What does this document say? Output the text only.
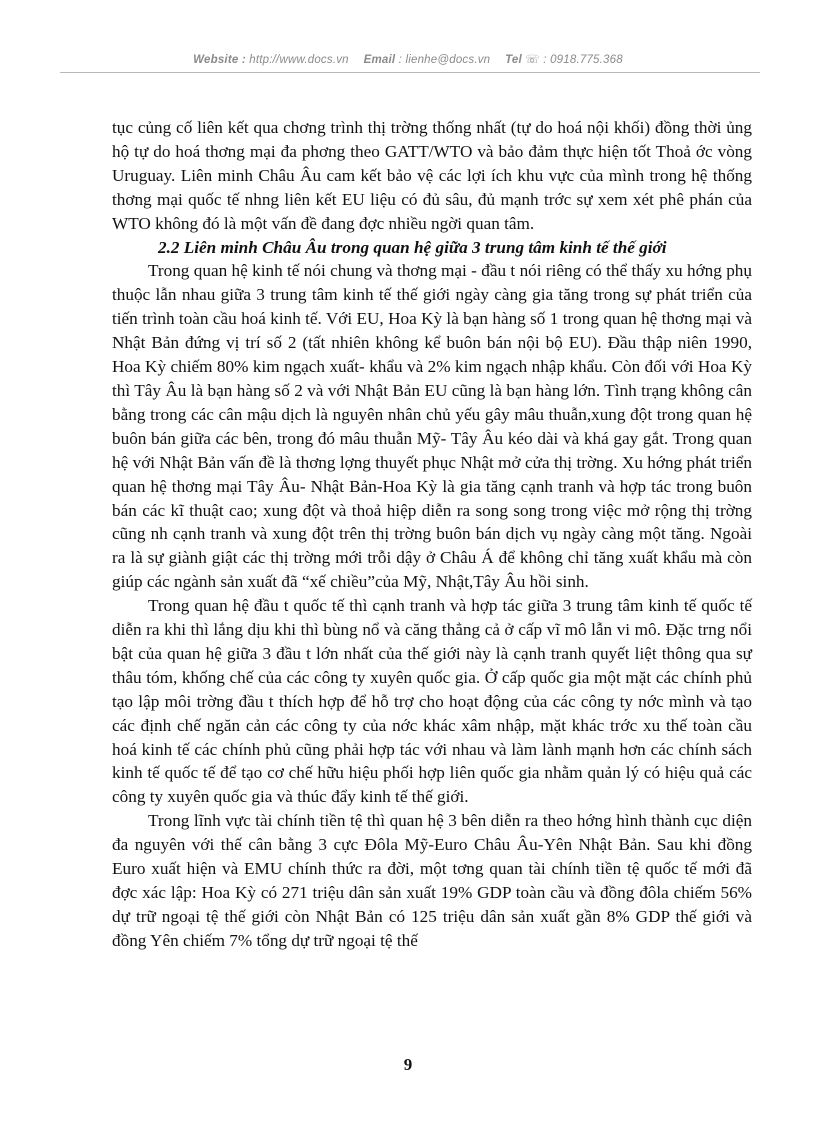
Website : http://www.docs.vn Email : lienhe@docs.vn Tel ☏ : 0918.775.368

tục củng cố liên kết qua chơng trình thị trờng thống nhất (tự do hoá nội khối) đồng thời ủng hộ tự do hoá thơng mại đa phơng theo GATT/WTO và bảo đảm thực hiện tốt Thoả ớc vòng Uruguay. Liên minh Châu Âu cam kết bảo vệ các lợi ích khu vực của mình trong hệ thống thơng mại quốc tế nhng liên kết EU liệu có đủ sâu, đủ mạnh trớc sự xem xét phê phán của WTO không đó là một vấn đề đang đợc nhiều ngời quan tâm.

2.2 Liên minh Châu Âu trong quan hệ giữa 3 trung tâm kinh tế thế giới

Trong quan hệ kinh tế nói chung và thơng mại - đầu t nói riêng có thể thấy xu hớng phụ thuộc lẫn nhau giữa 3 trung tâm kinh tế thế giới ngày càng gia tăng trong sự phát triển của tiến trình toàn cầu hoá kinh tế. Với EU, Hoa Kỳ là bạn hàng số 1 trong quan hệ thơng mại và Nhật Bản đứng vị trí số 2 (tất nhiên không kể buôn bán nội bộ EU). Đầu thập niên 1990, Hoa Kỳ chiếm 80% kim ngạch xuất- khẩu và 2% kim ngạch nhập khẩu. Còn đối với Hoa Kỳ thì Tây Âu là bạn hàng số 2 và với Nhật Bản EU cũng là bạn hàng lớn. Tình trạng không cân bằng trong các cân mậu dịch là nguyên nhân chủ yếu gây mâu thuẫn,xung đột trong quan hệ buôn bán giữa các bên, trong đó mâu thuẫn Mỹ- Tây Âu kéo dài và khá gay gắt. Trong quan hệ với Nhật Bản vấn đề là thơng lợng thuyết phục Nhật mở cửa thị trờng. Xu hớng phát triển quan hệ thơng mại Tây Âu- Nhật Bản-Hoa Kỳ là gia tăng cạnh tranh và hợp tác trong buôn bán các kĩ thuật cao; xung đột và thoả hiệp diễn ra song song trong việc mở rộng thị trờng cũng nh cạnh tranh và xung đột trên thị trờng buôn bán dịch vụ ngày càng một tăng. Ngoài ra là sự giành giật các thị trờng mới trỗi dậy ở Châu Á để không chỉ tăng xuất khẩu mà còn giúp các ngành sản xuất đã “xế chiều”của Mỹ, Nhật,Tây Âu hồi sinh.

Trong quan hệ đầu t quốc tế thì cạnh tranh và hợp tác giữa 3 trung tâm kinh tế quốc tế diễn ra khi thì lắng dịu khi thì bùng nổ và căng thẳng cả ở cấp vĩ mô lẫn vi mô. Đặc trng nổi bật của quan hệ giữa 3 đầu t lớn nhất của thế giới này là cạnh tranh quyết liệt thông qua sự thâu tóm, khống chế của các công ty xuyên quốc gia. Ở cấp quốc gia một mặt các chính phủ tạo lập môi trờng đầu t thích hợp để hỗ trợ cho hoạt động của các công ty nớc mình và tạo các định chế ngăn cản các công ty của nớc khác xâm nhập, mặt khác trớc xu thế toàn cầu hoá kinh tế các chính phủ cũng phải hợp tác với nhau và làm lành mạnh hơn các chính sách kinh tế quốc tế để tạo cơ chế hữu hiệu phối hợp liên quốc gia nhằm quản lý có hiệu quả các công ty xuyên quốc gia và thúc đẩy kinh tế thế giới.

Trong lĩnh vực tài chính tiền tệ thì quan hệ 3 bên diễn ra theo hớng hình thành cục diện đa nguyên với thế cân bằng 3 cực Đôla Mỹ-Euro Châu Âu-Yên Nhật Bản. Sau khi đồng Euro xuất hiện và EMU chính thức ra đời, một tơng quan tài chính tiền tệ quốc tế mới đã đợc xác lập: Hoa Kỳ có 271 triệu dân sản xuất 19% GDP toàn cầu và đồng đôla chiếm 56% dự trữ ngoại tệ thế giới còn Nhật Bản có 125 triệu dân sản xuất gần 8% GDP thế giới và đồng Yên chiếm 7% tổng dự trữ ngoại tệ thế

9
